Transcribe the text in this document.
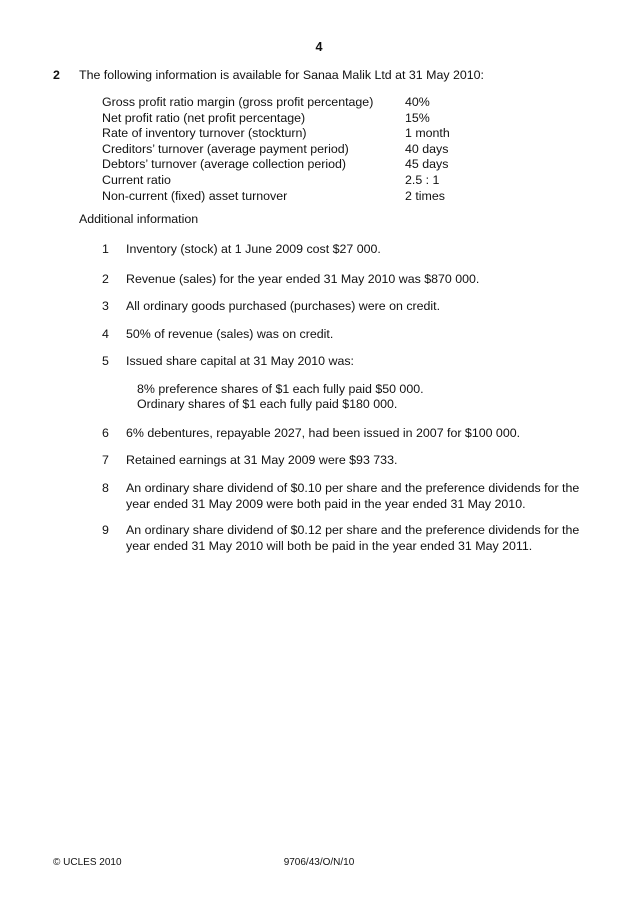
4
2 The following information is available for Sanaa Malik Ltd at 31 May 2010:
Gross profit ratio margin (gross profit percentage)	40%
Net profit ratio (net profit percentage)	15%
Rate of inventory turnover (stockturn)	1 month
Creditors’ turnover (average payment period)	40 days
Debtors’ turnover (average collection period)	45 days
Current ratio	2.5 : 1
Non-current (fixed) asset turnover	2 times
Additional information
1 Inventory (stock) at 1 June 2009 cost $27 000.
2 Revenue (sales) for the year ended 31 May 2010 was $870 000.
3 All ordinary goods purchased (purchases) were on credit.
4 50% of revenue (sales) was on credit.
5 Issued share capital at 31 May 2010 was:
8% preference shares of $1 each fully paid $50 000.
Ordinary shares of $1 each fully paid $180 000.
6 6% debentures, repayable 2027, had been issued in 2007 for $100 000.
7 Retained earnings at 31 May 2009 were $93 733.
8 An ordinary share dividend of $0.10 per share and the preference dividends for the year ended 31 May 2009 were both paid in the year ended 31 May 2010.
9 An ordinary share dividend of $0.12 per share and the preference dividends for the year ended 31 May 2010 will both be paid in the year ended 31 May 2011.
© UCLES 2010	9706/43/O/N/10
